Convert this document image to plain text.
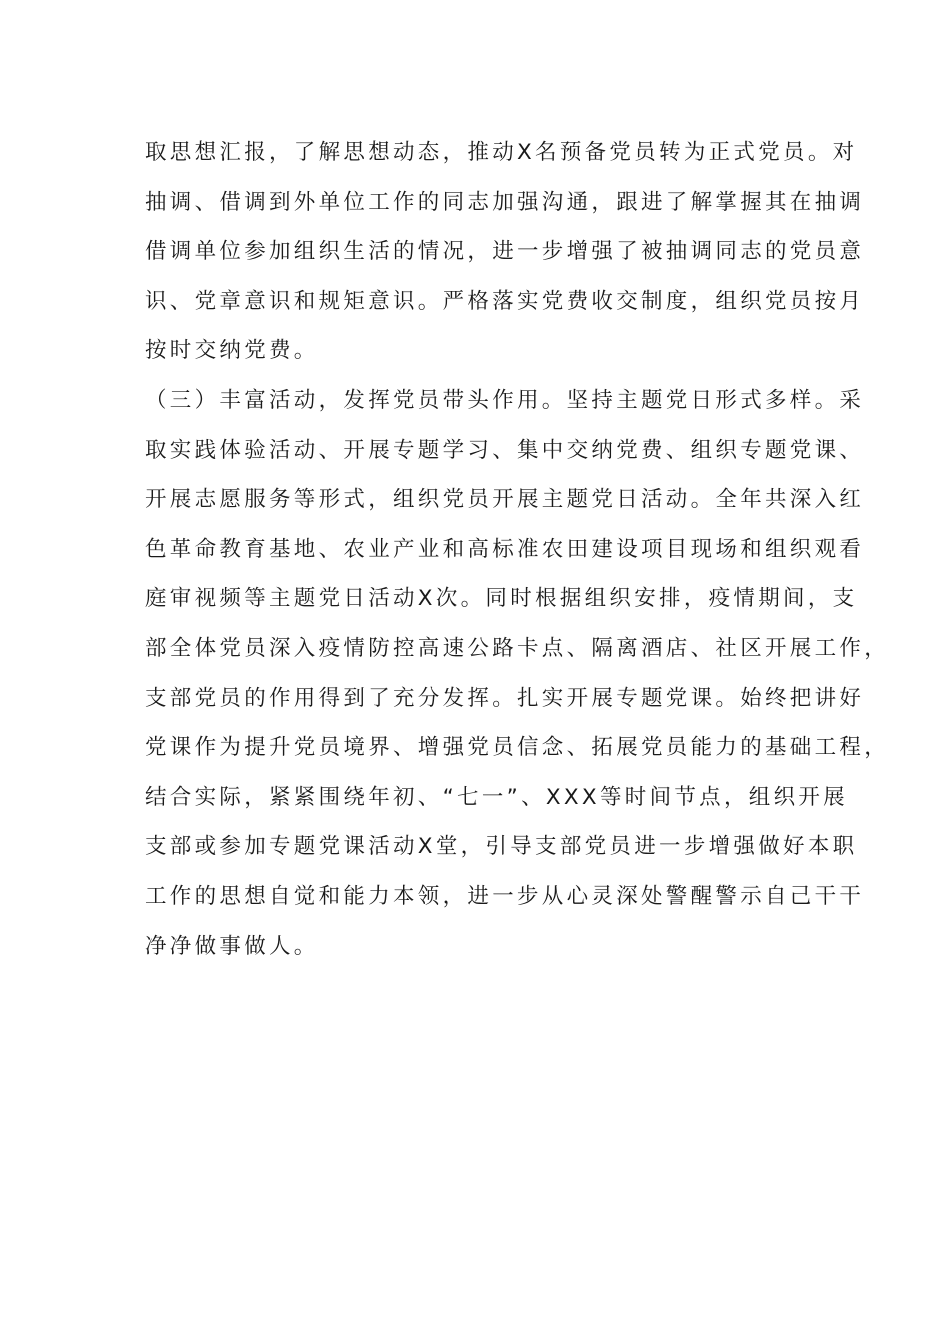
取思想汇报，了解思想动态，推动X名预备党员转为正式党员。对
抽调、借调到外单位工作的同志加强沟通，跟进了解掌握其在抽调
借调单位参加组织生活的情况，进一步增强了被抽调同志的党员意
识、党章意识和规矩意识。严格落实党费收交制度，组织党员按月
按时交纳党费。
（三）丰富活动，发挥党员带头作用。坚持主题党日形式多样。采
取实践体验活动、开展专题学习、集中交纳党费、组织专题党课、
开展志愿服务等形式，组织党员开展主题党日活动。全年共深入红
色革命教育基地、农业产业和高标准农田建设项目现场和组织观看
庭审视频等主题党日活动X次。同时根据组织安排，疫情期间，支
部全体党员深入疫情防控高速公路卡点、隔离酒店、社区开展工作，
支部党员的作用得到了充分发挥。扎实开展专题党课。始终把讲好
党课作为提升党员境界、增强党员信念、拓展党员能力的基础工程，
结合实际，紧紧围绕年初、“七一”、XXX等时间节点，组织开展
支部或参加专题党课活动X堂，引导支部党员进一步增强做好本职
工作的思想自觉和能力本领，进一步从心灵深处警醒警示自己干干
净净做事做人。
